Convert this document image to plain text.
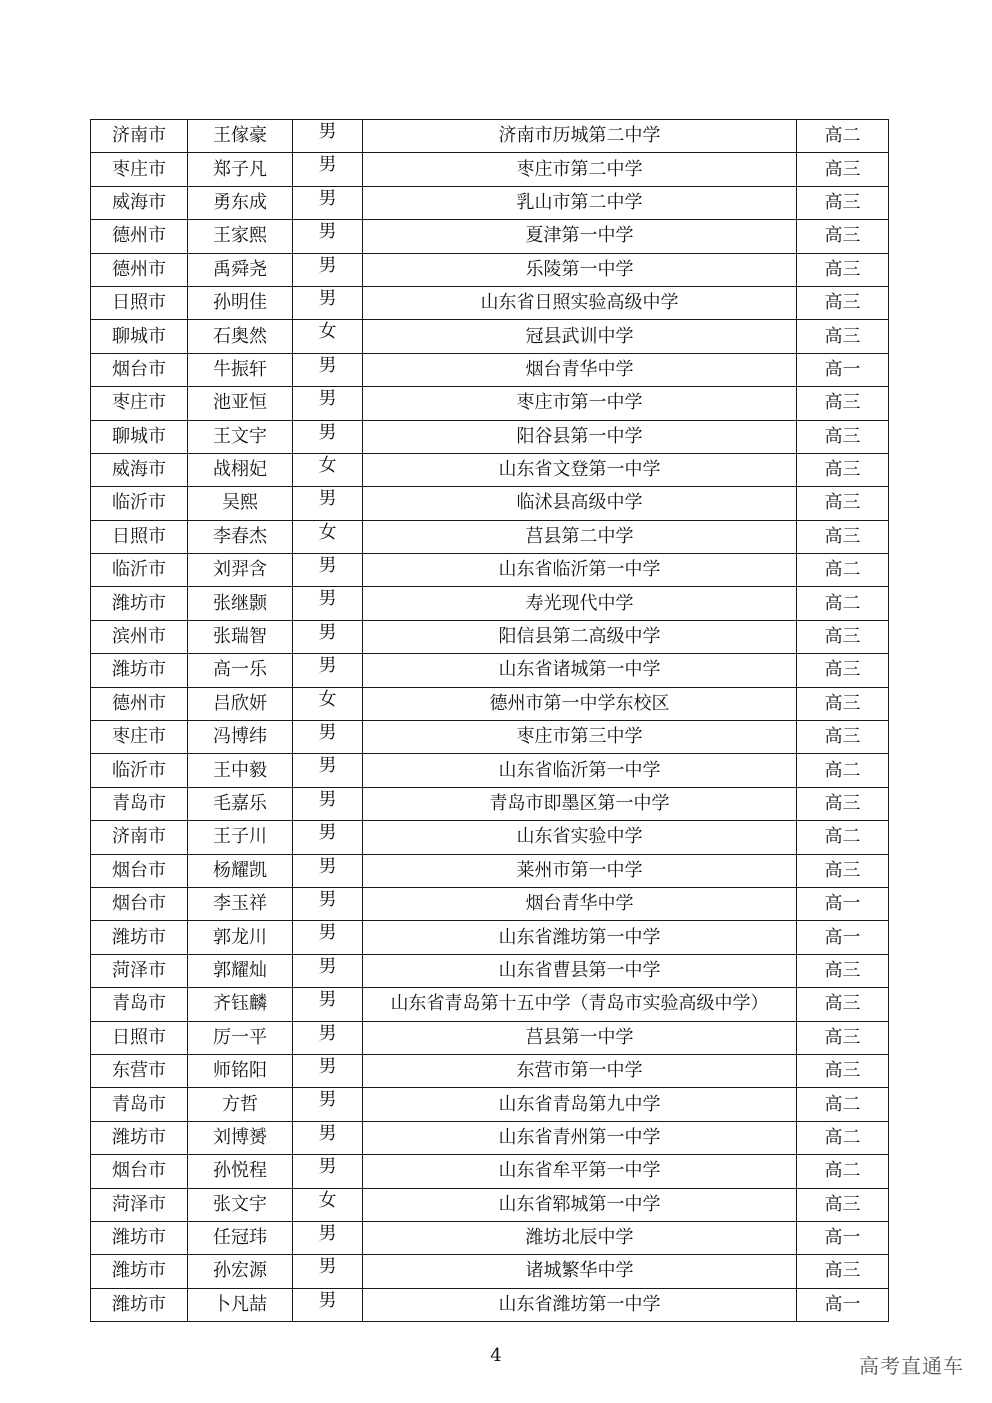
济南市	王傢豪	男	济南市历城第二中学	高二
枣庄市	郑子凡	男	枣庄市第二中学	高三
威海市	勇东成	男	乳山市第二中学	高三
德州市	王家熙	男	夏津第一中学	高三
德州市	禹舜尧	男	乐陵第一中学	高三
日照市	孙明佳	男	山东省日照实验高级中学	高三
聊城市	石奥然	女	冠县武训中学	高三
烟台市	牛振轩	男	烟台青华中学	高一
枣庄市	池亚恒	男	枣庄市第一中学	高三
聊城市	王文宇	男	阳谷县第一中学	高三
威海市	战栩妃	女	山东省文登第一中学	高三
临沂市	吴熙	男	临沭县高级中学	高三
日照市	李春杰	女	莒县第二中学	高三
临沂市	刘羿含	男	山东省临沂第一中学	高二
潍坊市	张继颢	男	寿光现代中学	高二
滨州市	张瑞智	男	阳信县第二高级中学	高三
潍坊市	高一乐	男	山东省诸城第一中学	高三
德州市	吕欣妍	女	德州市第一中学东校区	高三
枣庄市	冯博纬	男	枣庄市第三中学	高三
临沂市	王中毅	男	山东省临沂第一中学	高二
青岛市	毛嘉乐	男	青岛市即墨区第一中学	高三
济南市	王子川	男	山东省实验中学	高二
烟台市	杨耀凯	男	莱州市第一中学	高三
烟台市	李玉祥	男	烟台青华中学	高一
潍坊市	郭龙川	男	山东省潍坊第一中学	高一
菏泽市	郭耀灿	男	山东省曹县第一中学	高三
青岛市	齐钰麟	男	山东省青岛第十五中学（青岛市实验高级中学）	高三
日照市	厉一平	男	莒县第一中学	高三
东营市	师铭阳	男	东营市第一中学	高三
青岛市	方哲	男	山东省青岛第九中学	高二
潍坊市	刘博赟	男	山东省青州第一中学	高二
烟台市	孙悦程	男	山东省牟平第一中学	高二
菏泽市	张文宇	女	山东省郓城第一中学	高三
潍坊市	任冠玮	男	潍坊北辰中学	高一
潍坊市	孙宏源	男	诸城繁华中学	高三
潍坊市	卜凡喆	男	山东省潍坊第一中学	高一
4	高考直通车
